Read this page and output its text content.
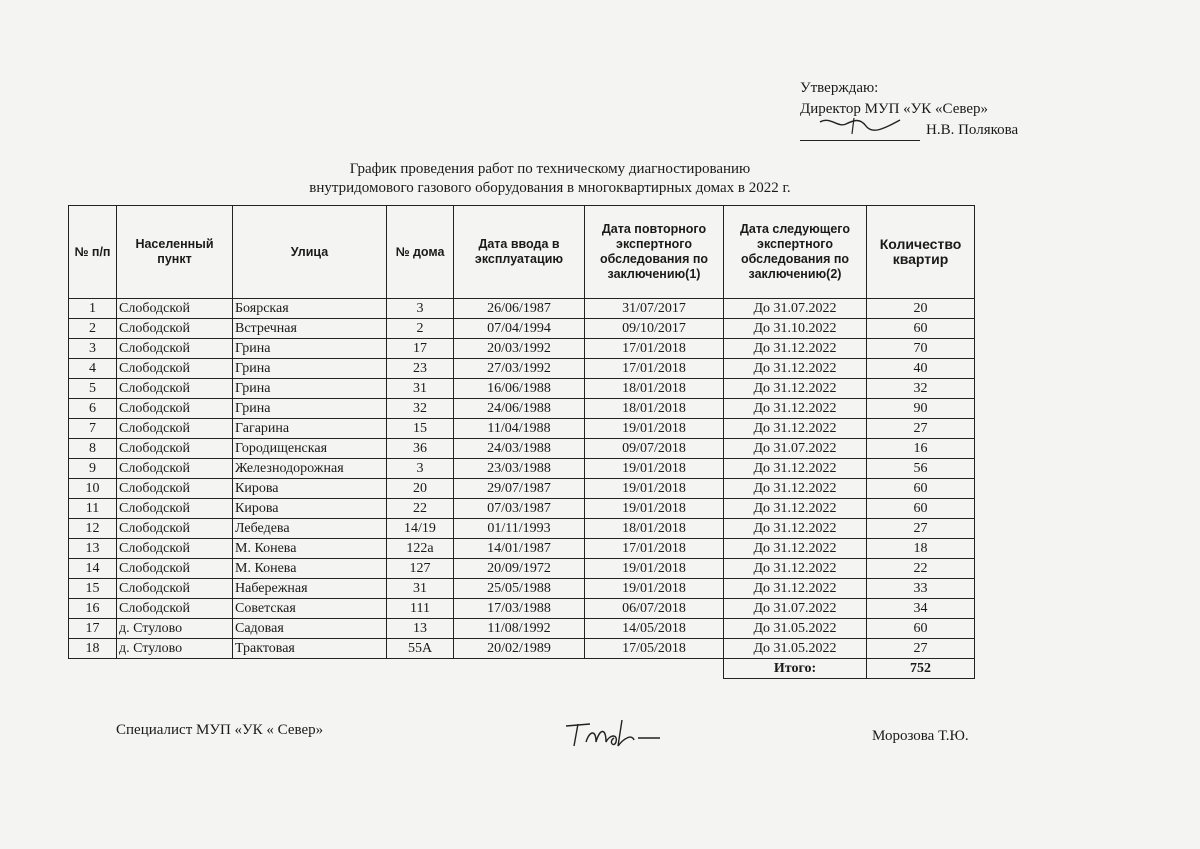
Утверждаю:
Директор МУП «УК «Север»
Н.В. Полякова
График проведения работ по техническому диагностированию
внутридомового газового оборудования в многоквартирных домах в 2022 г.
№ п/п	Населенный пункт	Улица	№ дома	Дата ввода в эксплуатацию	Дата повторного экспертного обследования по заключению(1)	Дата следующего экспертного обследования по заключению(2)	Количество квартир
1	Слободской	Боярская	3	26/06/1987	31/07/2017	До 31.07.2022	20
2	Слободской	Встречная	2	07/04/1994	09/10/2017	До 31.10.2022	60
3	Слободской	Грина	17	20/03/1992	17/01/2018	До 31.12.2022	70
4	Слободской	Грина	23	27/03/1992	17/01/2018	До 31.12.2022	40
5	Слободской	Грина	31	16/06/1988	18/01/2018	До 31.12.2022	32
6	Слободской	Грина	32	24/06/1988	18/01/2018	До 31.12.2022	90
7	Слободской	Гагарина	15	11/04/1988	19/01/2018	До 31.12.2022	27
8	Слободской	Городищенская	36	24/03/1988	09/07/2018	До 31.07.2022	16
9	Слободской	Железнодорожная	3	23/03/1988	19/01/2018	До 31.12.2022	56
10	Слободской	Кирова	20	29/07/1987	19/01/2018	До 31.12.2022	60
11	Слободской	Кирова	22	07/03/1987	19/01/2018	До 31.12.2022	60
12	Слободской	Лебедева	14/19	01/11/1993	18/01/2018	До 31.12.2022	27
13	Слободской	М. Конева	122а	14/01/1987	17/01/2018	До 31.12.2022	18
14	Слободской	М. Конева	127	20/09/1972	19/01/2018	До 31.12.2022	22
15	Слободской	Набережная	31	25/05/1988	19/01/2018	До 31.12.2022	33
16	Слободской	Советская	111	17/03/1988	06/07/2018	До 31.07.2022	34
17	д. Стулово	Садовая	13	11/08/1992	14/05/2018	До 31.05.2022	60
18	д. Стулово	Трактовая	55А	20/02/1989	17/05/2018	До 31.05.2022	27
						Итого:	752
Специалист МУП «УК « Север»	Морозова Т.Ю.
